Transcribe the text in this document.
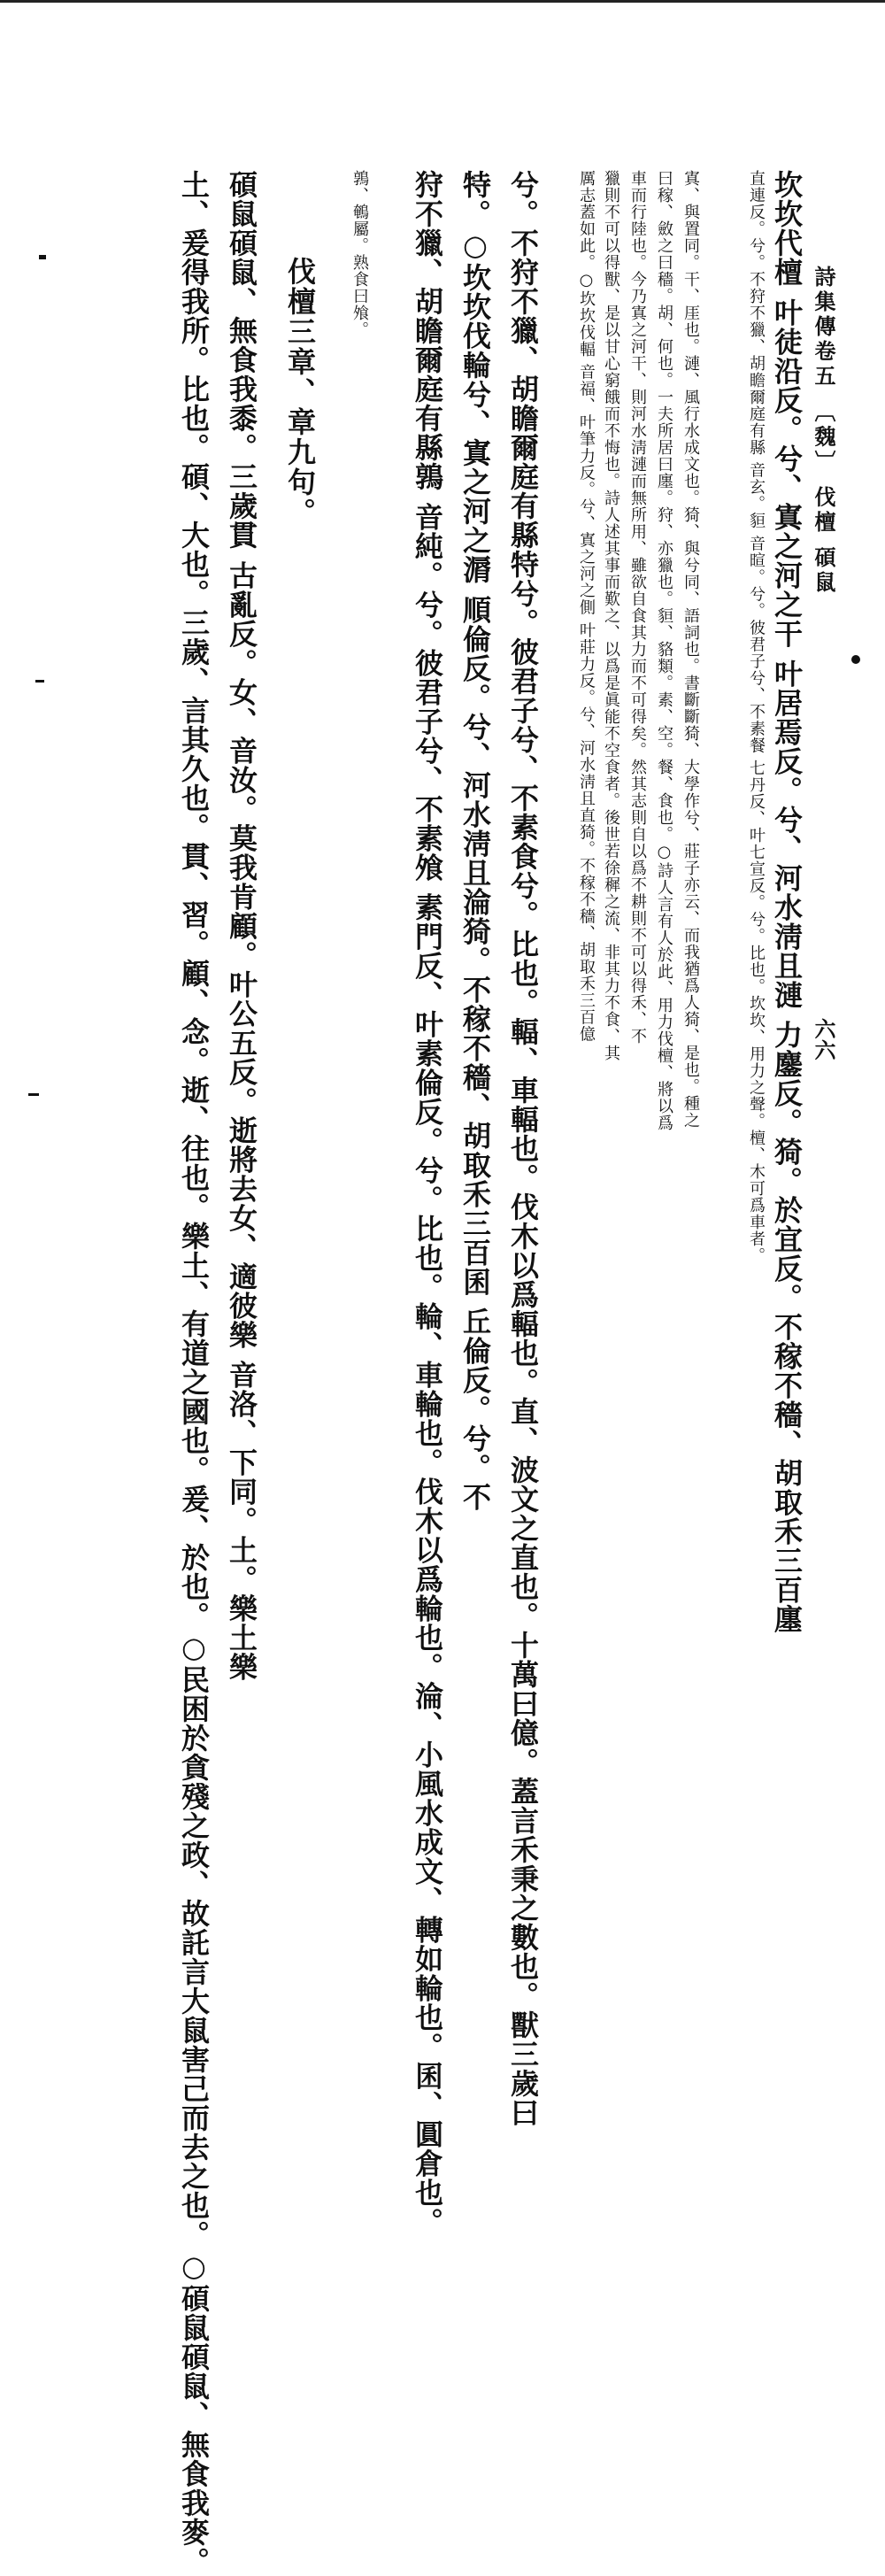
詩集傳卷五 〔魏〕 伐檀 碩鼠
六六
坎坎代檀 叶徒沿反。兮、寘之河之干 叶居焉反。兮、河水淸且漣 力鏖反。猗。於宜反。不稼不穡、胡取禾三百廛
直連反。兮。不狩不獵、胡瞻爾庭有縣 音玄。貆 音暄。兮。彼君子兮、不素餐 七丹反、叶七宣反。兮。比也。坎坎、用力之聲。檀、木可爲車者。
寘、與置同。干、厓也。漣、風行水成文也。猗、與兮同、語詞也。書斷斷猗、大學作兮、莊子亦云、而我猶爲人猗、是也。種之
曰稼、斂之曰穡。胡、何也。一夫所居曰廛。狩、亦獵也。貆、貉類。素、空。餐、食也。○詩人言有人於此、用力伐檀、將以爲
車而行陸也。今乃寘之河干、則河水淸漣而無所用、雖欲自食其力而不可得矣。然其志則自以爲不耕則不可以得禾、不
獵則不可以得獸、是以甘心窮餓而不悔也。詩人述其事而歎之、以爲是眞能不空食者。後世若徐穉之流、非其力不食、其
厲志蓋如此。○坎坎伐輻 音福、叶筆力反。兮、寘之河之側 叶莊力反。兮、河水淸且直猗。不稼不穡、胡取禾三百億
兮。不狩不獵、胡瞻爾庭有縣特兮。彼君子兮、不素食兮。比也。輻、車輻也。伐木以爲輻也。直、波文之直也。十萬曰億。蓋言禾秉之數也。獸三歲曰
特。○坎坎伐輪兮、寘之河之漘 順倫反。兮、河水淸且淪猗。不稼不穡、胡取禾三百囷 丘倫反。兮。不
狩不獵、胡瞻爾庭有縣鶉 音純。兮。彼君子兮、不素飧 素門反、叶素倫反。兮。比也。輪、車輪也。伐木以爲輪也。淪、小風水成文、轉如輪也。囷、圓倉也。
鶉、鵪屬。熟食曰飧。
伐檀三章、章九句。
碩鼠碩鼠、無食我黍。三歲貫 古亂反。女、音汝。莫我肯顧。叶公五反。逝將去女、適彼樂 音洛、下同。土。樂土樂
土、爰得我所。比也。碩、大也。三歲、言其久也。貫、習。顧、念。逝、往也。樂土、有道之國也。爰、於也。○民困於貪殘之政、故託言大鼠害己而去之也。○碩鼠碩鼠、無食我麥。
